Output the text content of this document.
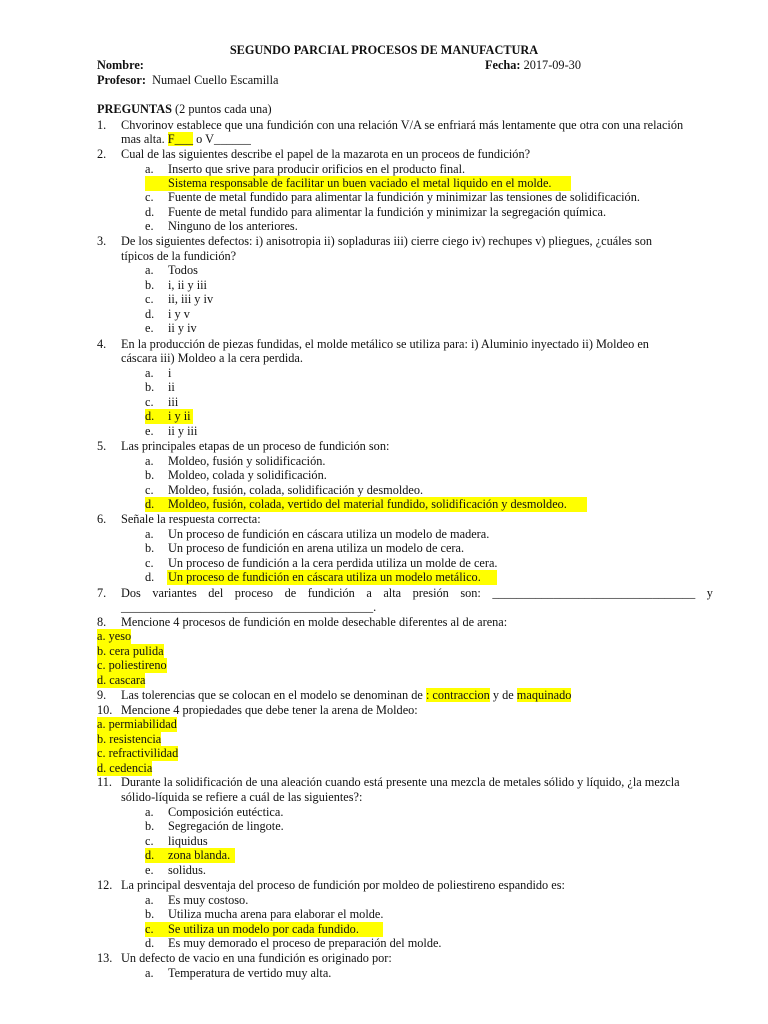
SEGUNDO PARCIAL PROCESOS DE MANUFACTURA
Nombre:	Fecha: 2017-09-30
Profesor: Numael Cuello Escamilla
PREGUNTAS (2 puntos cada una)
1. Chvorinov establece que una fundición con una relación V/A se enfriará más lentamente que otra con una relación
mas alta. F___ o V______
2. Cual de las siguientes describe el papel de la mazarota en un proceos de fundición?
a. Inserto que srive para producir orificios en el producto final.
Sistema responsable de facilitar un buen vaciado el metal liquido en el molde.
c. Fuente de metal fundido para alimentar la fundición y minimizar las tensiones de solidificación.
d. Fuente de metal fundido para alimentar la fundición y minimizar la segregación química.
e. Ninguno de los anteriores.
3. De los siguientes defectos: i) anisotropia ii) sopladuras iii) cierre ciego iv) rechupes v) pliegues, ¿cuáles son
típicos de la fundición?
a. Todos
b. i, ii y iii
c. ii, iii y iv
d. i y v
e. ii y iv
4. En la producción de piezas fundidas, el molde metálico se utiliza para: i) Aluminio inyectado ii) Moldeo en
cáscara iii) Moldeo a la cera perdida.
a. i
b. ii
c. iii
d. i y ii
e. ii y iii
5. Las principales etapas de un proceso de fundición son:
a. Moldeo, fusión y solidificación.
b. Moldeo, colada y solidificación.
c. Moldeo, fusión, colada, solidificación y desmoldeo.
d. Moldeo, fusión, colada, vertido del material fundido, solidificación y desmoldeo.
6. Señale la respuesta correcta:
a. Un proceso de fundición en cáscara utiliza un modelo de madera.
b. Un proceso de fundición en arena utiliza un modelo de cera.
c. Un proceso de fundición a la cera perdida utiliza un molde de cera.
d. Un proceso de fundición en cáscara utiliza un modelo metálico.
7. Dos variantes del proceso de fundición a alta presión son: _________________________________ y
_________________________________________.
8. Mencione 4 procesos de fundición en molde desechable diferentes al de arena:
a. yeso
b. cera pulida
c. poliestireno
d. cascara
9. Las tolerencias que se colocan en el modelo se denominan de : contraccion y de maquinado
10. Mencione 4 propiedades que debe tener la arena de Moldeo:
a. permiabilidad
b. resistencia
c. refractivilidad
d. cedencia
11. Durante la solidificación de una aleación cuando está presente una mezcla de metales sólido y líquido, ¿la mezcla
sólido-líquida se refiere a cuál de las siguientes?:
a. Composición eutéctica.
b. Segregación de lingote.
c. liquidus
d. zona blanda.
e. solidus.
12. La principal desventaja del proceso de fundición por moldeo de poliestireno espandido es:
a. Es muy costoso.
b. Utiliza mucha arena para elaborar el molde.
c. Se utiliza un modelo por cada fundido.
d. Es muy demorado el proceso de preparación del molde.
13. Un defecto de vacio en una fundición es originado por:
a. Temperatura de vertido muy alta.
